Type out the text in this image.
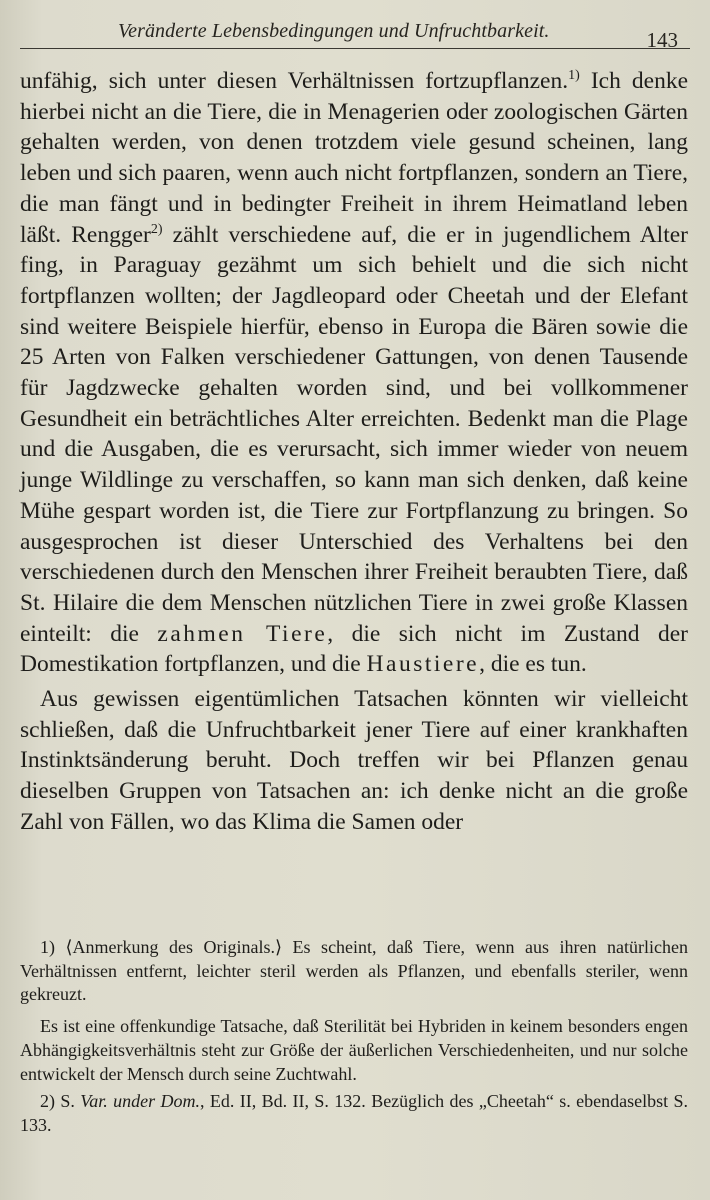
Veränderte Lebensbedingungen und Unfruchtbarkeit.	143

unfähig, sich unter diesen Verhältnissen fortzupflanzen.$^{1)}$ Ich denke hierbei nicht an die Tiere, die in Menagerien oder zoologischen Gärten gehalten werden, von denen trotzdem viele gesund scheinen, lang leben und sich paaren, wenn auch nicht fortpflanzen, sondern an Tiere, die man fängt und in bedingter Freiheit in ihrem Heimatland leben läßt. Rengger$^{2)}$ zählt verschiedene auf, die er in jugendlichem Alter fing, in Paraguay gezähmt um sich behielt und die sich nicht fortpflanzen wollten; der Jagdleopard oder Cheetah und der Elefant sind weitere Beispiele hierfür, ebenso in Europa die Bären sowie die 25 Arten von Falken verschiedener Gattungen, von denen Tausende für Jagdzwecke gehalten worden sind, und bei vollkommener Gesundheit ein beträchtliches Alter erreichten. Bedenkt man die Plage und die Ausgaben, die es verursacht, sich immer wieder von neuem junge Wildlinge zu verschaffen, so kann man sich denken, daß keine Mühe gespart worden ist, die Tiere zur Fortpflanzung zu bringen. So ausgesprochen ist dieser Unterschied des Verhaltens bei den verschiedenen durch den Menschen ihrer Freiheit beraubten Tiere, daß St. Hilaire die dem Menschen nützlichen Tiere in zwei große Klassen einteilt: die zahmen Tiere, die sich nicht im Zustand der Domestikation fortpflanzen, und die Haustiere, die es tun.

Aus gewissen eigentümlichen Tatsachen könnten wir vielleicht schließen, daß die Unfruchtbarkeit jener Tiere auf einer krankhaften Instinktsänderung beruht. Doch treffen wir bei Pflanzen genau dieselben Gruppen von Tatsachen an: ich denke nicht an die große Zahl von Fällen, wo das Klima die Samen oder

1) ⟨Anmerkung des Originals.⟩ Es scheint, daß Tiere, wenn aus ihren natürlichen Verhältnissen entfernt, leichter steril werden als Pflanzen, und ebenfalls steriler, wenn gekreuzt.

Es ist eine offenkundige Tatsache, daß Sterilität bei Hybriden in keinem besonders engen Abhängigkeitsverhältnis steht zur Größe der äußerlichen Verschiedenheiten, und nur solche entwickelt der Mensch durch seine Zuchtwahl.

2) S. Var. under Dom., Ed. II, Bd. II, S. 132. Bezüglich des „Cheetah“ s. ebendaselbst S. 133.
